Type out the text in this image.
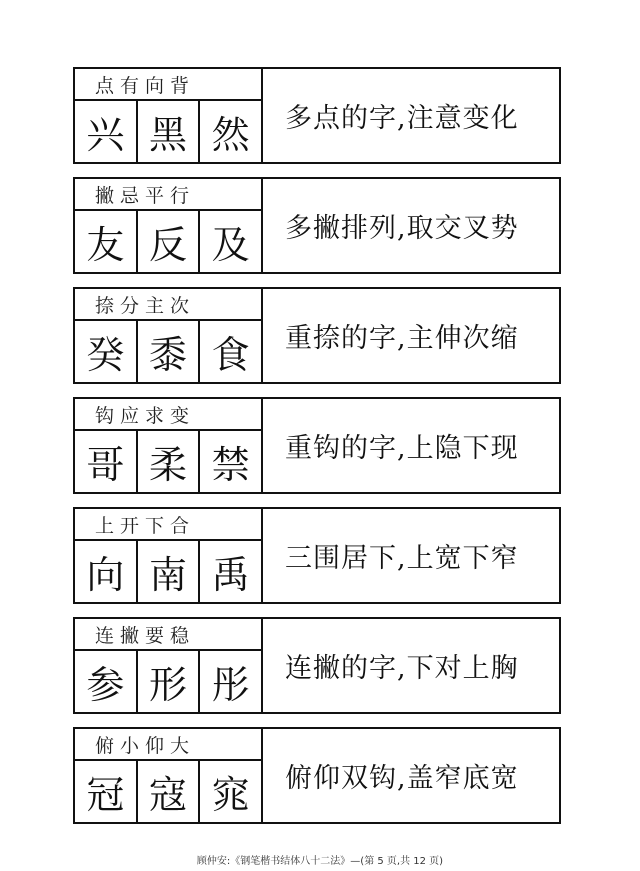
点有向背
兴 黑 然	多点的字,注意变化
撇忌平行
友 反 及	多撇排列,取交叉势
捺分主次
癸 黍 食	重捺的字,主伸次缩
钩应求变
哥 柔 禁	重钩的字,上隐下现
上开下合
向 南 禹	三围居下,上宽下窄
连撇要稳
参 形 彤	连撇的字,下对上胸
俯小仰大
冠 寇 窕	俯仰双钩,盖窄底宽
顾仲安:《钢笔楷书结体八十二法》—(第 5 页,共 12 页)
